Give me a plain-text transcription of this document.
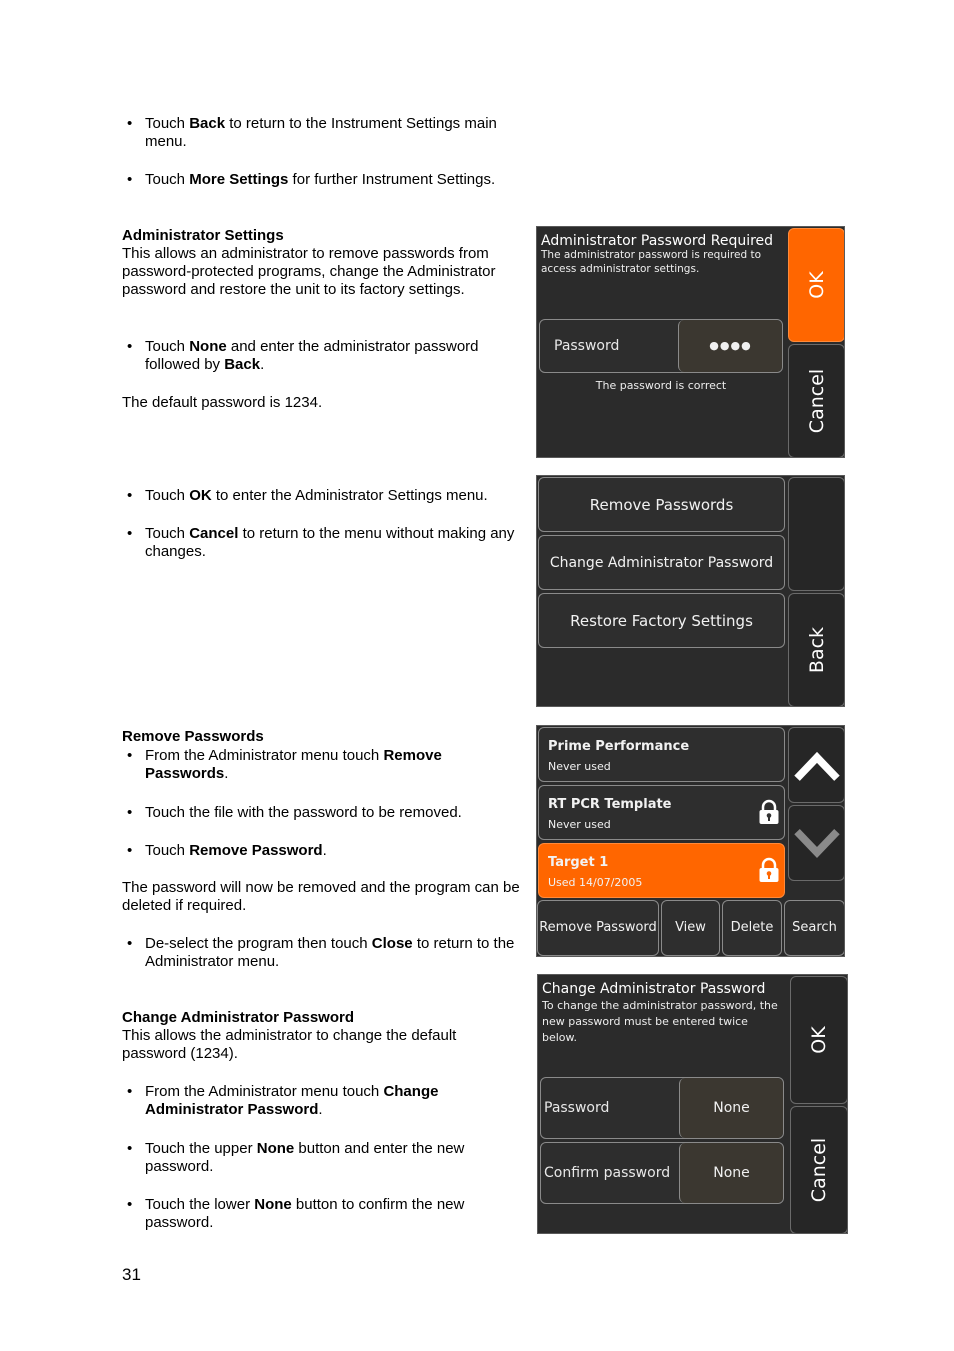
• Touch Back to return to the Instrument Settings main menu.
• Touch More Settings for further Instrument Settings.
Administrator Settings
This allows an administrator to remove passwords from password-protected programs, change the Administrator password and restore the unit to its factory settings.
• Touch None and enter the administrator password followed by Back.
The default password is 1234.
• Touch OK to enter the Administrator Settings menu.
• Touch Cancel to return to the menu without making any changes.
Remove Passwords
• From the Administrator menu touch Remove Passwords.
• Touch the file with the password to be removed.
• Touch Remove Password.
The password will now be removed and the program can be deleted if required.
• De-select the program then touch Close to return to the Administrator menu.
Change Administrator Password
This allows the administrator to change the default password (1234).
• From the Administrator menu touch Change Administrator Password.
• Touch the upper None button and enter the new password.
• Touch the lower None button to confirm the new password.
31
Administrator Password Required
The administrator password is required to access administrator settings.
Password	●●●●
The password is correct
OK
Cancel
Remove Passwords
Change Administrator Password
Restore Factory Settings
Back
Prime Performance
Never used
RT PCR Template
Never used
Target 1
Used 14/07/2005
Remove Password	View	Delete	Search
Change Administrator Password
To change the administrator password, the new password must be entered twice below.
Password	None
Confirm password	None
OK
Cancel
